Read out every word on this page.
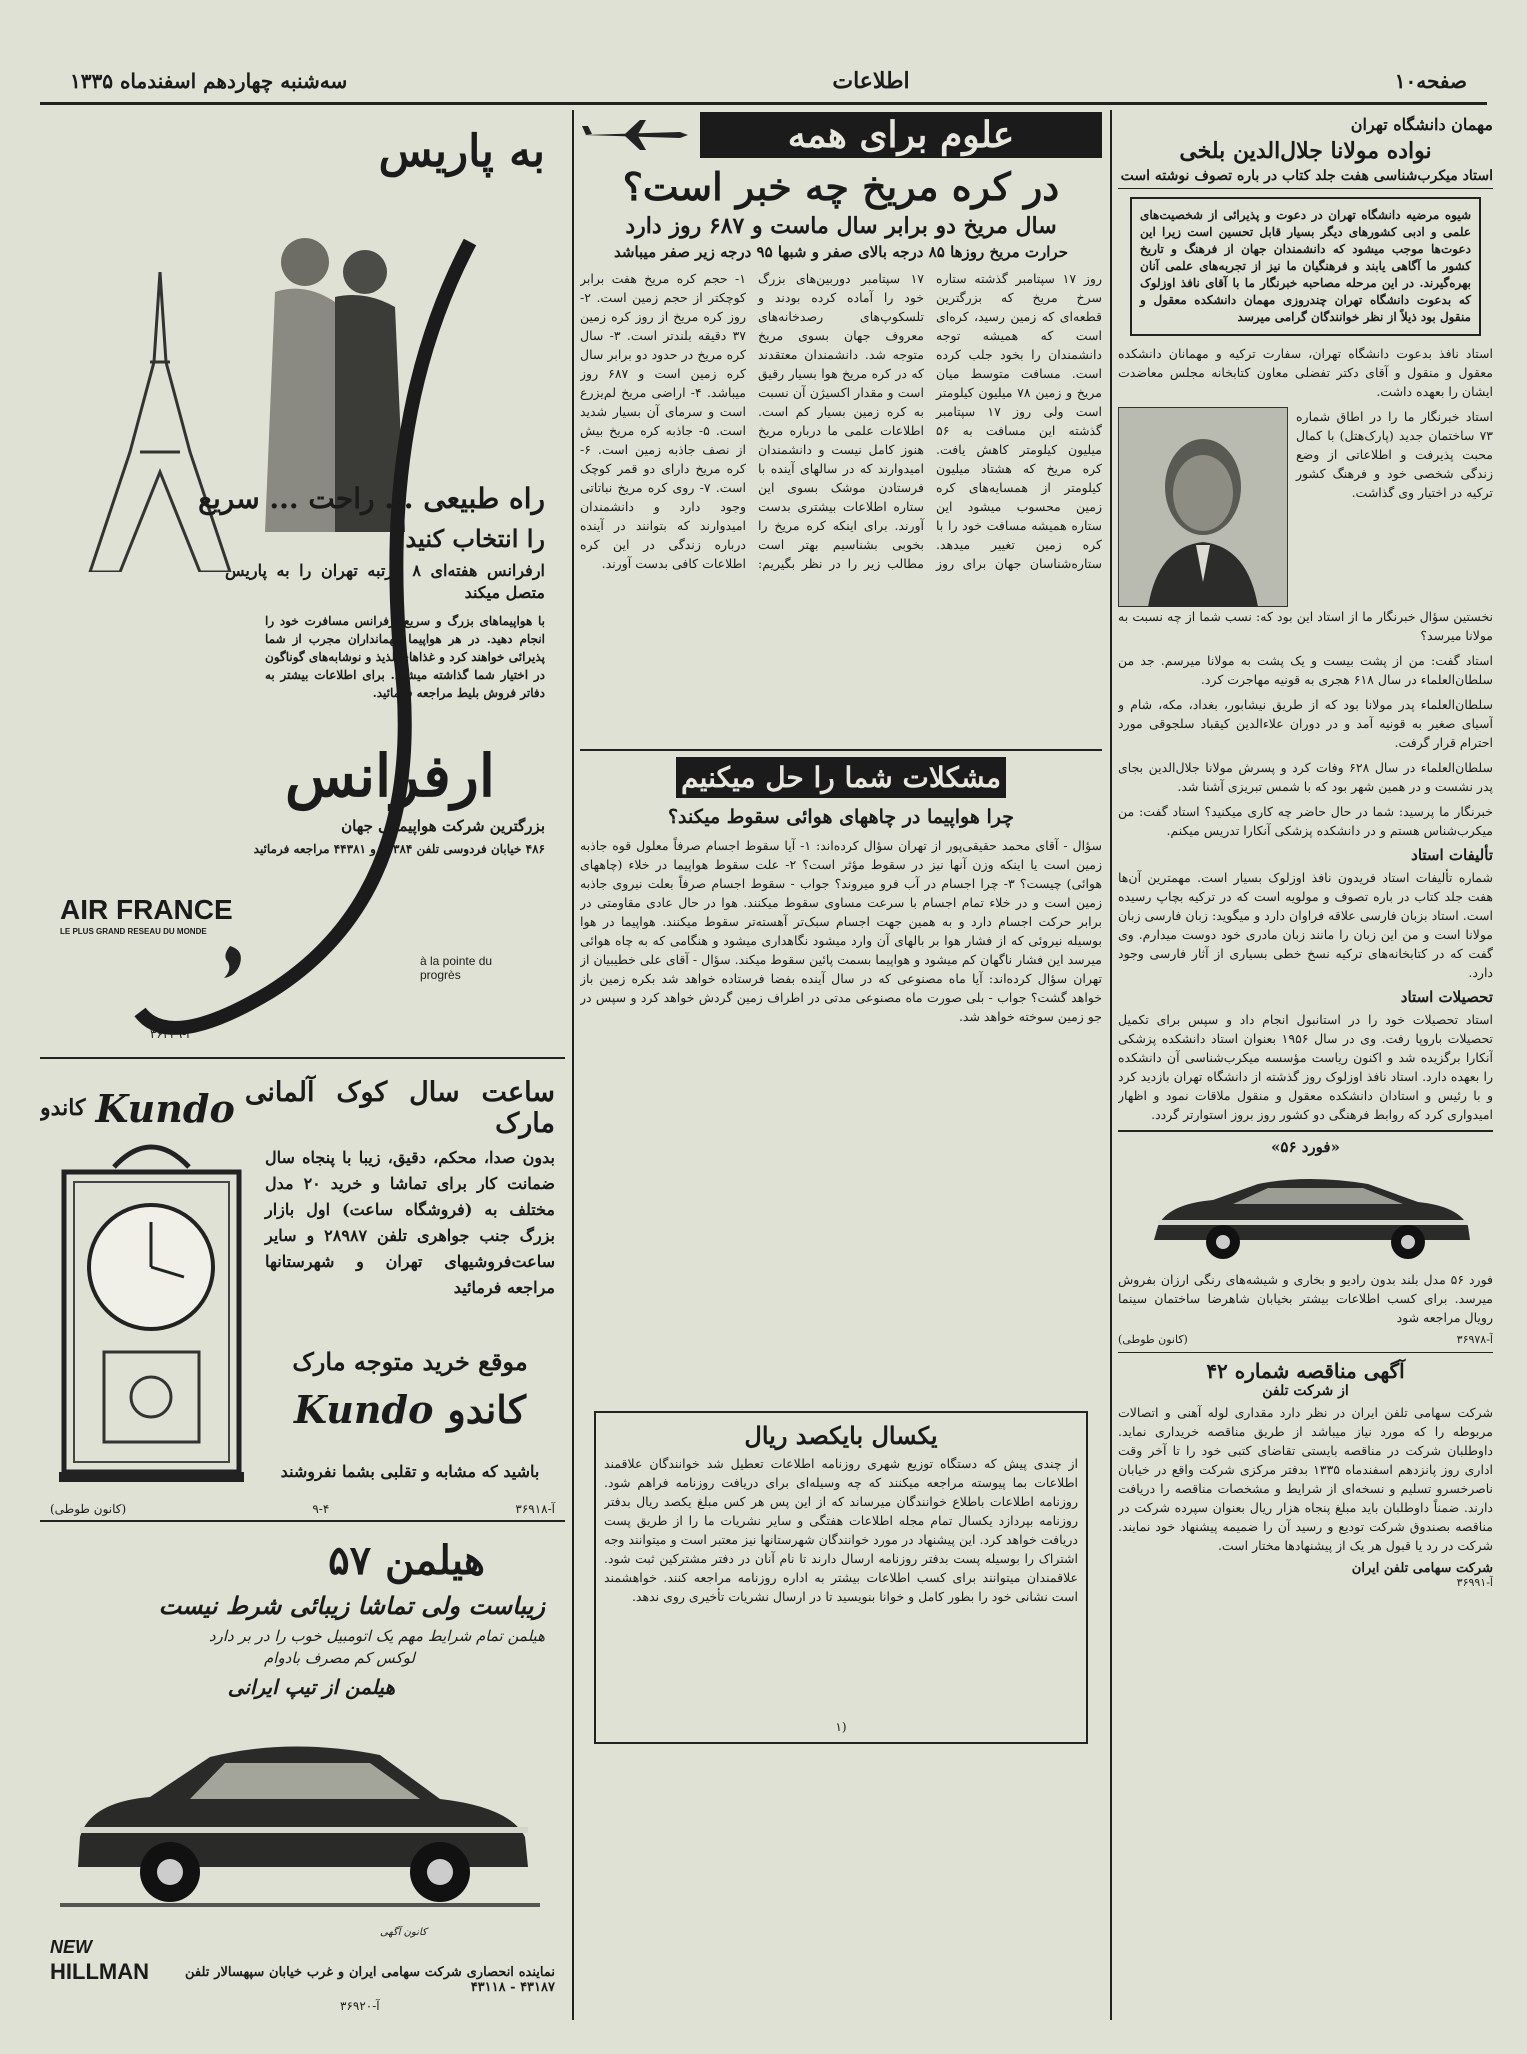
صفحه۱۰
اطلاعات
سه‌شنبه چهاردهم اسفندماه ۱۳۳۵
مهمان دانشگاه تهران
نواده مولانا جلال‌الدین بلخی
استاد میکرب‌شناسی هفت جلد کتاب در باره تصوف نوشته است

شیوه مرضیه دانشگاه تهران در دعوت و پذیرائی از شخصیت‌های علمی و ادبی کشورهای دیگر بسیار قابل تحسین است زیرا این دعوت‌ها موجب میشود که دانشمندان جهان از فرهنگ و تاریخ کشور ما آگاهی یابند و فرهنگیان ما نیز از تجربه‌های علمی آنان بهره‌گیرند. در این مرحله مصاحبه خبرنگار ما با آقای نافذ اوزلوک که بدعوت دانشگاه تهران چندروزی مهمان دانشکده معقول و منقول بود ذیلاً از نظر خوانندگان گرامی میرسد

استاد نافذ بدعوت دانشگاه تهران، سفارت ترکیه و مهمانان دانشکده معقول و منقول و آقای دکتر تفضلی معاون کتابخانه مجلس معاضدت ایشان را بعهده داشت.

استاد خبرنگار ما را در اطاق شماره ۷۳ ساختمان جدید (پارک‌هتل) با کمال محبت پذیرفت و اطلاعاتی از وضع زندگی شخصی خود و فرهنگ کشور ترکیه در اختیار وی گذاشت.

نخستین سؤال خبرنگار ما از استاد این بود که: نسب شما از چه نسبت به مولانا میرسد؟

استاد گفت: من از پشت بیست و یک پشت به مولانا میرسم. جد من سلطان‌العلماء در سال ۶۱۸ هجری به قونیه مهاجرت کرد.

سلطان‌العلماء پدر مولانا بود که از طریق نیشابور، بغداد، مکه، شام و آسیای صغیر به قونیه آمد و در دوران علاءالدین کیقباد سلجوقی مورد احترام قرار گرفت.

سلطان‌العلماء در سال ۶۲۸ وفات کرد و پسرش مولانا جلال‌الدین بجای پدر نشست و در همین شهر بود که با شمس تبریزی آشنا شد.

خبرنگار ما پرسید: شما در حال حاضر چه کاری میکنید؟ استاد گفت: من میکرب‌شناس هستم و در دانشکده پزشکی آنکارا تدریس میکنم.

تألیفات استاد

شماره تألیفات استاد فریدون نافذ اوزلوک بسیار است. مهمترین آن‌ها هفت جلد کتاب در باره تصوف و مولویه است که در ترکیه بچاپ رسیده است. استاد بزبان فارسی علاقه فراوان دارد و میگوید: زبان فارسی زبان مولانا است و من این زبان را مانند زبان مادری خود دوست میدارم. وی گفت که در کتابخانه‌های ترکیه نسخ خطی بسیاری از آثار فارسی وجود دارد.

تحصیلات استاد

استاد تحصیلات خود را در استانبول انجام داد و سپس برای تکمیل تحصیلات باروپا رفت. وی در سال ۱۹۵۶ بعنوان استاد دانشکده پزشکی آنکارا برگزیده شد و اکنون ریاست مؤسسه میکرب‌شناسی آن دانشکده را بعهده دارد. استاد نافذ اوزلوک روز گذشته از دانشگاه تهران بازدید کرد و با رئیس و استادان دانشکده معقول و منقول ملاقات نمود و اظهار امیدواری کرد که روابط فرهنگی دو کشور روز بروز استوارتر گردد.

«فورد ۵۶»

فورد ۵۶ مدل بلند بدون رادیو و بخاری و شیشه‌های رنگی ارزان بفروش میرسد. برای کسب اطلاعات بیشتر بخیابان شاهرضا ساختمان سینما رویال مراجعه شود

آ-۳۶۹۷۸
(کانون طوطی)
آگهی مناقصه شماره ۴۲
از شرکت تلفن

شرکت سهامی تلفن ایران در نظر دارد مقداری لوله آهنی و اتصالات مربوطه را که مورد نیاز میباشد از طریق مناقصه خریداری نماید. داوطلبان شرکت در مناقصه بایستی تقاضای کتبی خود را تا آخر وقت اداری روز پانزدهم اسفندماه ۱۳۳۵ بدفتر مرکزی شرکت واقع در خیابان ناصرخسرو تسلیم و نسخه‌ای از شرایط و مشخصات مناقصه را دریافت دارند. ضمناً داوطلبان باید مبلغ پنجاه هزار ریال بعنوان سپرده شرکت در مناقصه بصندوق شرکت تودیع و رسید آن را ضمیمه پیشنهاد خود نمایند. شرکت در رد یا قبول هر یک از پیشنهادها مختار است.

شرکت سهامی تلفن ایران
آ-۳۶۹۹۱
علوم برای همه
در کره مریخ چه خبر است؟
سال مریخ دو برابر سال ماست و ۶۸۷ روز دارد
حرارت مریخ روزها ۸۵ درجه بالای صفر و شبها ۹۵ درجه زیر صفر میباشد

روز ۱۷ سپتامبر گذشته ستاره سرخ مریخ که بزرگترین قطعه‌ای که زمین رسید، کره‌ای است که همیشه توجه دانشمندان را بخود جلب کرده است. مسافت متوسط میان مریخ و زمین ۷۸ میلیون کیلومتر است ولی روز ۱۷ سپتامبر گذشته این مسافت به ۵۶ میلیون کیلومتر کاهش یافت. کره مریخ که هشتاد میلیون کیلومتر از همسایه‌های کره زمین محسوب میشود این ستاره همیشه مسافت خود را با کره زمین تغییر میدهد. ستاره‌شناسان جهان برای روز ۱۷ سپتامبر دوربین‌های بزرگ خود را آماده کرده بودند و تلسکوپ‌های رصدخانه‌های معروف جهان بسوی مریخ متوجه شد. دانشمندان معتقدند که در کره مریخ هوا بسیار رقیق است و مقدار اکسیژن آن نسبت به کره زمین بسیار کم است. اطلاعات علمی ما درباره مریخ هنوز کامل نیست و دانشمندان امیدوارند که در سالهای آینده با فرستادن موشک بسوی این ستاره اطلاعات بیشتری بدست آورند. برای اینکه کره مریخ را بخوبی بشناسیم بهتر است مطالب زیر را در نظر بگیریم: ۱- حجم کره مریخ هفت برابر کوچکتر از حجم زمین است. ۲- روز کره مریخ از روز کره زمین ۳۷ دقیقه بلندتر است. ۳- سال کره مریخ در حدود دو برابر سال کره زمین است و ۶۸۷ روز میباشد. ۴- اراضی مریخ لم‌یزرع است و سرمای آن بسیار شدید است. ۵- جاذبه کره مریخ بیش از نصف جاذبه زمین است. ۶- کره مریخ دارای دو قمر کوچک است. ۷- روی کره مریخ نباتاتی وجود دارد و دانشمندان امیدوارند که بتوانند در آینده درباره زندگی در این کره اطلاعات کافی بدست آورند.

مشکلات شما را حل میکنیم
چرا هواپیما در چاههای هوائی سقوط میکند؟

سؤال - آقای محمد حقیقی‌پور از تهران سؤال کرده‌اند: ۱- آیا سقوط اجسام صرفاً معلول قوه جاذبه زمین است یا اینکه وزن آنها نیز در سقوط مؤثر است؟ ۲- علت سقوط هواپیما در خلاء (چاههای هوائی) چیست؟ ۳- چرا اجسام در آب فرو میروند؟ جواب - سقوط اجسام صرفاً بعلت نیروی جاذبه زمین است و در خلاء تمام اجسام با سرعت مساوی سقوط میکنند. هوا در حال عادی مقاومتی در برابر حرکت اجسام دارد و به همین جهت اجسام سبک‌تر آهسته‌تر سقوط میکنند. هواپیما در هوا بوسیله نیروئی که از فشار هوا بر بالهای آن وارد میشود نگاهداری میشود و هنگامی که به چاه هوائی میرسد این فشار ناگهان کم میشود و هواپیما بسمت پائین سقوط میکند. سؤال - آقای علی خطیبیان از تهران سؤال کرده‌اند: آیا ماه مصنوعی که در سال آینده بفضا فرستاده خواهد شد بکره زمین باز خواهد گشت؟ جواب - بلی صورت ماه مصنوعی مدتی در اطراف زمین گردش خواهد کرد و سپس در جو زمین سوخته خواهد شد.

یکسال بایکصد ریال

از چندی پیش که دستگاه توزیع شهری روزنامه اطلاعات تعطیل شد خوانندگان علاقمند اطلاعات بما پیوسته مراجعه میکنند که چه وسیله‌ای برای دریافت روزنامه فراهم شود. روزنامه اطلاعات باطلاع خوانندگان میرساند که از این پس هر کس مبلغ یکصد ریال بدفتر روزنامه بپردازد یکسال تمام مجله اطلاعات هفتگی و سایر نشریات ما را از طریق پست دریافت خواهد کرد. این پیشنهاد در مورد خوانندگان شهرستانها نیز معتبر است و میتوانند وجه اشتراک را بوسیله پست بدفتر روزنامه ارسال دارند تا نام آنان در دفتر مشترکین ثبت شود. علاقمندان میتوانند برای کسب اطلاعات بیشتر به اداره روزنامه مراجعه کنند. خواهشمند است نشانی خود را بطور کامل و خوانا بنویسید تا در ارسال نشریات تأخیری روی ندهد.

(۱
به پاریس
راه طبیعی ... راحت ... سریع
را انتخاب کنید
ارفرانس هفته‌ای ۸ مرتبه تهران را به پاریس متصل میکند
با هواپیماهای بزرگ و سریع ارفرانس مسافرت خود را انجام دهید. در هر هواپیما مهمانداران مجرب از شما پذیرائی خواهند کرد و غذاهای لذیذ و نوشابه‌های گوناگون در اختیار شما گذاشته میشود. برای اطلاعات بیشتر به دفاتر فروش بلیط مراجعه فرمائید.
ارفرانس
بزرگترین شرکت هواپیمائی جهان
۴۸۶ خیابان فردوسی تلفن ۴۴۳۸۴ و ۴۴۳۸۱ مراجعه فرمائید
AIR FRANCE
LE PLUS GRAND RESEAU DU MONDE
à la pointe du progrès
آ-۳۶۴۲۹
ساعت سال کوک آلمانی مارک
Kundo
کاندو
بدون صدا، محکم، دقیق، زیبا با پنجاه سال ضمانت کار برای تماشا و خرید ۲۰ مدل مختلف به (فروشگاه ساعت) اول بازار بزرگ جنب جواهری تلفن ۲۸۹۸۷ و سایر ساعت‌فروشیهای تهران و شهرستانها مراجعه فرمائید
موقع خرید متوجه مارک
کاندو
Kundo
باشید که مشابه و تقلبی بشما نفروشند
آ-۳۶۹۱۸
۹-۴
(کانون طوطی)
هیلمن ۵۷
زیباست ولی تماشا زیبائی شرط نیست
هیلمن تمام شرایط مهم یک اتومبیل خوب را در بر دارد
لوکس کم مصرف بادوام
هیلمن از تیپ ایرانی
NEW
HILLMAN	نماینده انحصاری شرکت سهامی ایران و غرب خیابان سپهسالار تلفن ۴۳۱۸۷ - ۴۳۱۱۸
کانون آگهی
آ-۳۶۹۲۰
